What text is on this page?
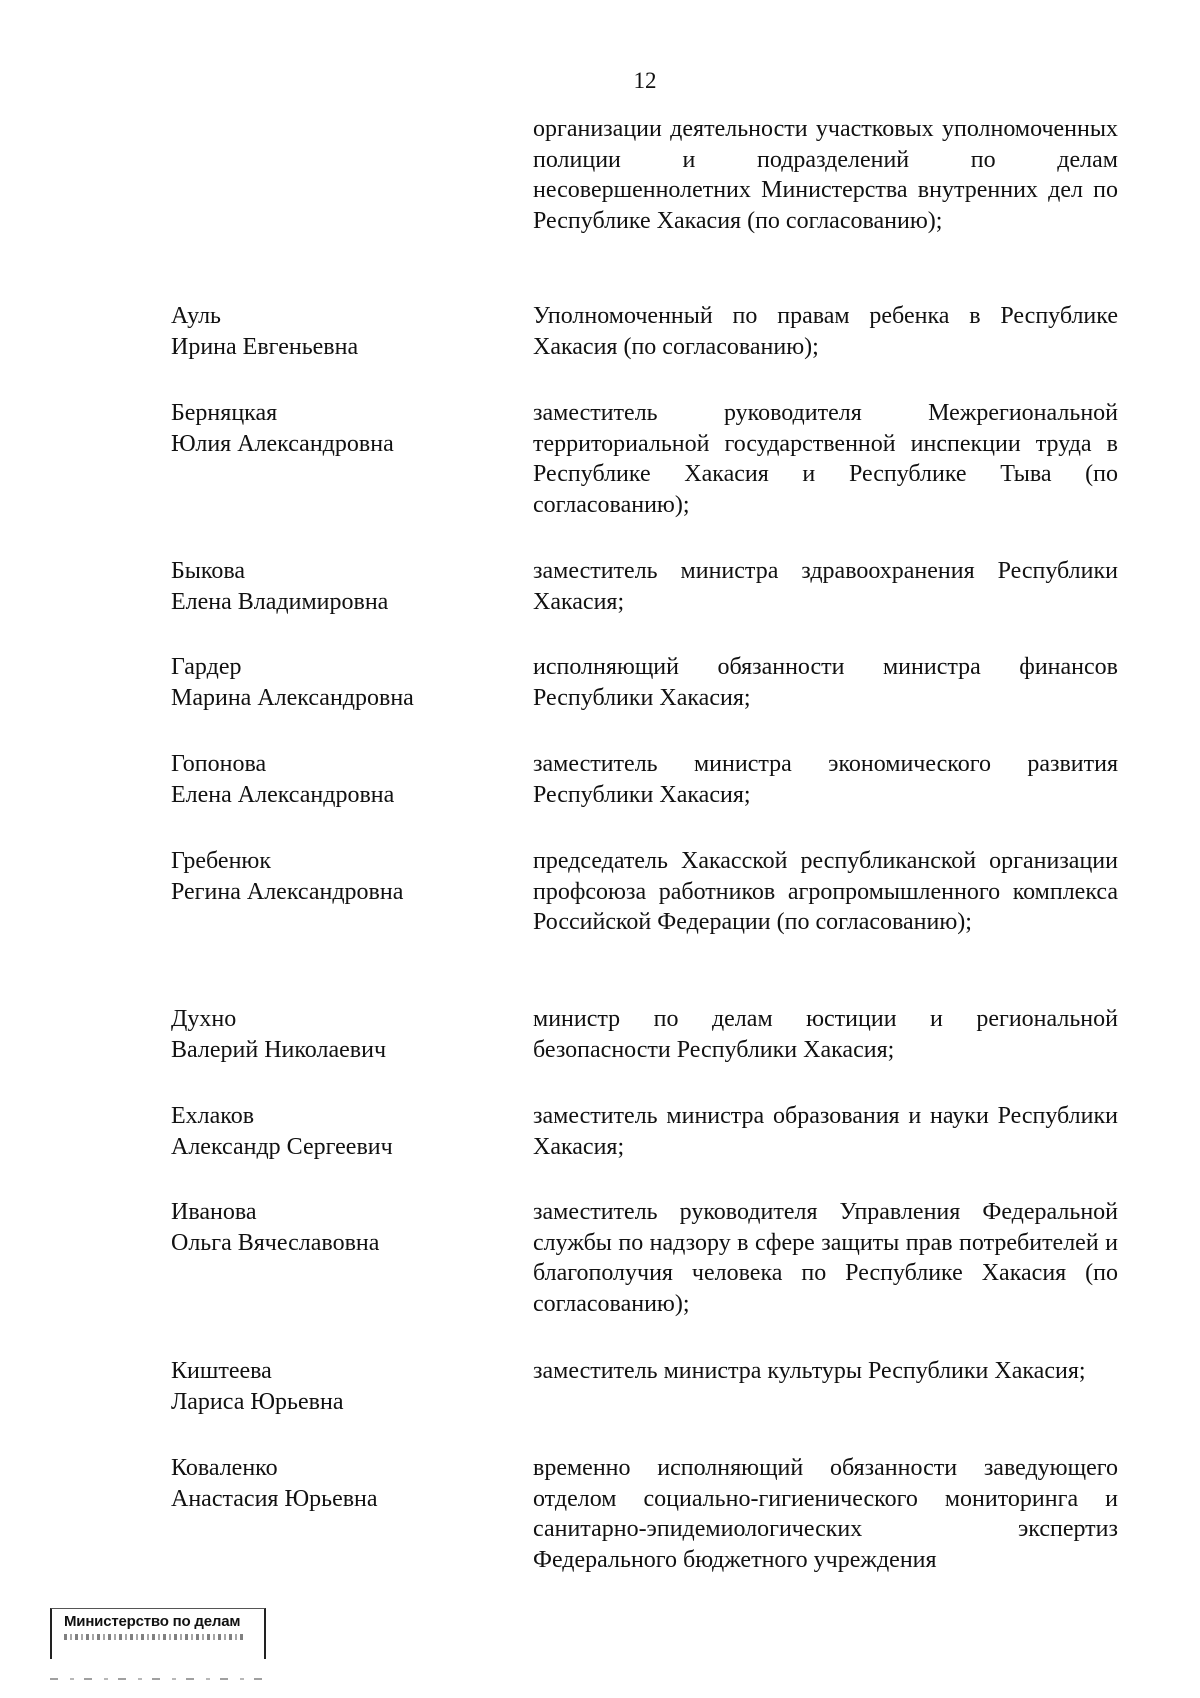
12

организации деятельности участковых уполномоченных полиции и подразделений по делам несовершеннолетних Министерства внутренних дел по Республике Хакасия (по согласованию);

Ауль
Ирина Евгеньевна

Уполномоченный по правам ребенка в Республике Хакасия (по согласованию);

Берняцкая
Юлия Александровна

заместитель руководителя Межрегиональной территориальной государственной инспекции труда в Республике Хакасия и Республике Тыва (по согласованию);

Быкова
Елена Владимировна

заместитель министра здравоохранения Республики Хакасия;

Гардер
Марина Александровна

исполняющий обязанности министра финансов Республики Хакасия;

Гопонова
Елена Александровна

заместитель министра экономического развития Республики Хакасия;

Гребенюк
Регина Александровна

председатель Хакасской республиканской организации профсоюза работников агропромышленного комплекса Российской Федерации (по согласованию);

Духно
Валерий Николаевич

министр по делам юстиции и региональной безопасности Республики Хакасия;

Ехлаков
Александр Сергеевич

заместитель министра образования и науки Республики Хакасия;

Иванова
Ольга Вячеславовна

заместитель руководителя Управления Федеральной службы по надзору в сфере защиты прав потребителей и благополучия человека по Республике Хакасия (по согласованию);

Киштеева
Лариса Юрьевна

заместитель министра культуры Республики Хакасия;

Коваленко
Анастасия Юрьевна

временно исполняющий обязанности заведующего отделом социально-гигиенического мониторинга и санитарно-эпидемиологических экспертиз Федерального бюджетного учреждения

Министерство по делам
